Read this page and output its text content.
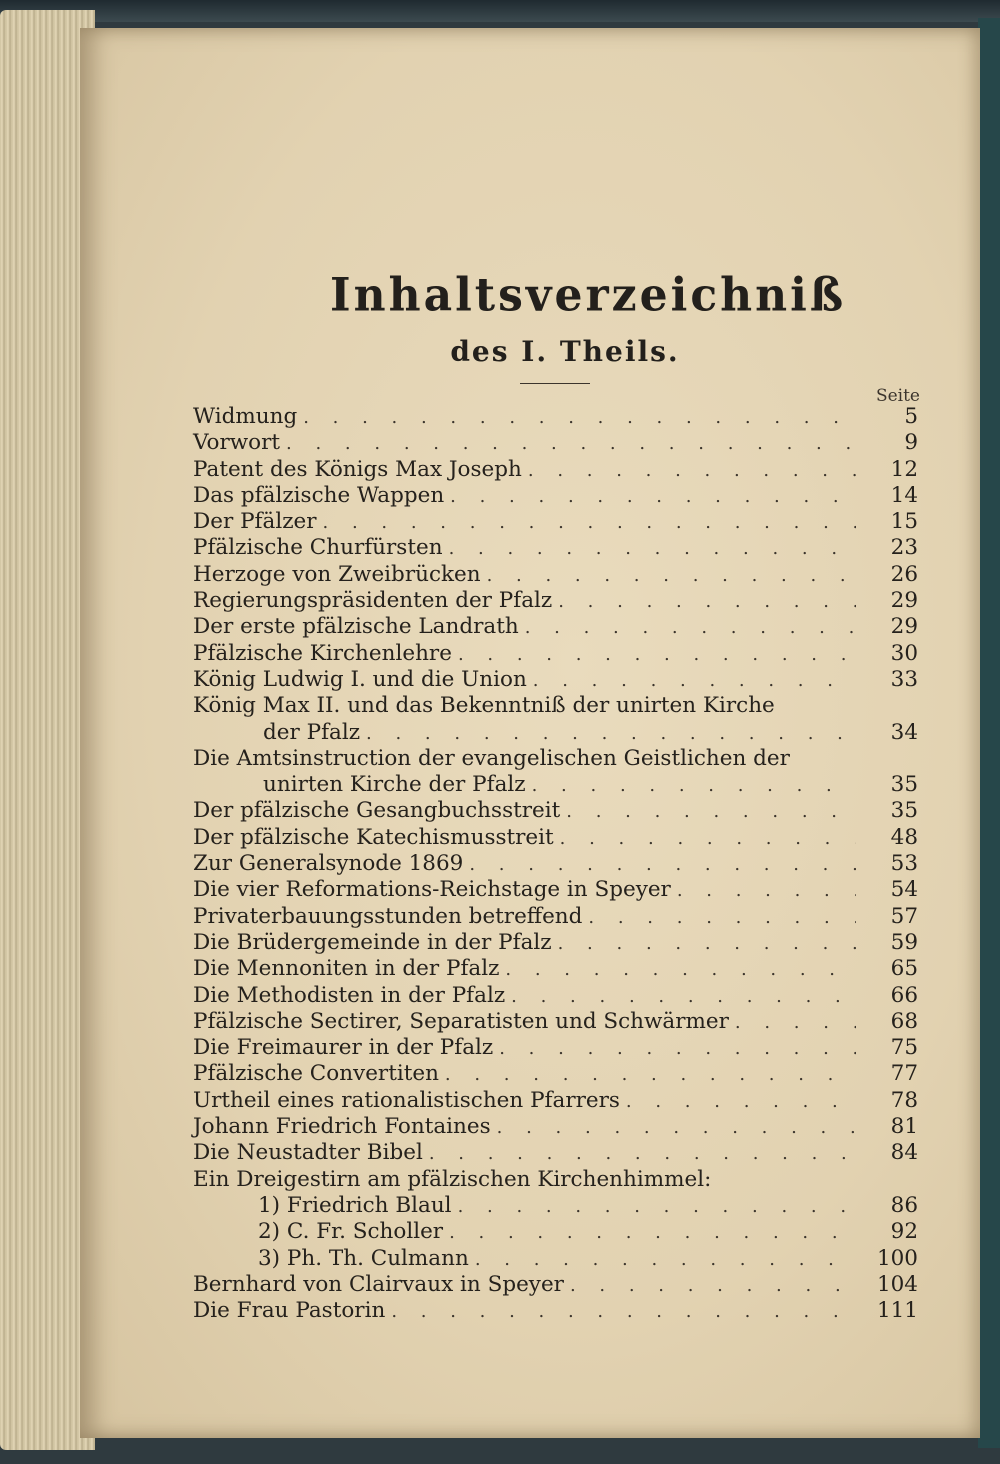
Inhaltsverzeichniß
des I. Theils.
Seite
Widmung . . .	5
Vorwort . . .	9
Patent des Königs Max Joseph . . .	12
Das pfälzische Wappen . . .	14
Der Pfälzer . . .	15
Pfälzische Churfürsten . . .	23
Herzoge von Zweibrücken . . .	26
Regierungspräsidenten der Pfalz . . .	29
Der erste pfälzische Landrath . . .	29
Pfälzische Kirchenlehre . . .	30
König Ludwig I. und die Union . . .	33
König Max II. und das Bekenntniß der unirten Kirche
der Pfalz . . .	34
Die Amtsinstruction der evangelischen Geistlichen der
unirten Kirche der Pfalz . . .	35
Der pfälzische Gesangbuchsstreit . . .	35
Der pfälzische Katechismusstreit . . .	48
Zur Generalsynode 1869 . . .	53
Die vier Reformations-Reichstage in Speyer . . .	54
Privaterbauungsstunden betreffend . . .	57
Die Brüdergemeinde in der Pfalz . . .	59
Die Mennoniten in der Pfalz . . .	65
Die Methodisten in der Pfalz . . .	66
Pfälzische Sectirer, Separatisten und Schwärmer . . .	68
Die Freimaurer in der Pfalz . . .	75
Pfälzische Convertiten . . .	77
Urtheil eines rationalistischen Pfarrers . . .	78
Johann Friedrich Fontaines . . .	81
Die Neustadter Bibel . . .	84
Ein Dreigestirn am pfälzischen Kirchenhimmel:
1) Friedrich Blaul . . .	86
2) C. Fr. Scholler . . .	92
3) Ph. Th. Culmann . . .	100
Bernhard von Clairvaux in Speyer . . .	104
Die Frau Pastorin . . .	111
